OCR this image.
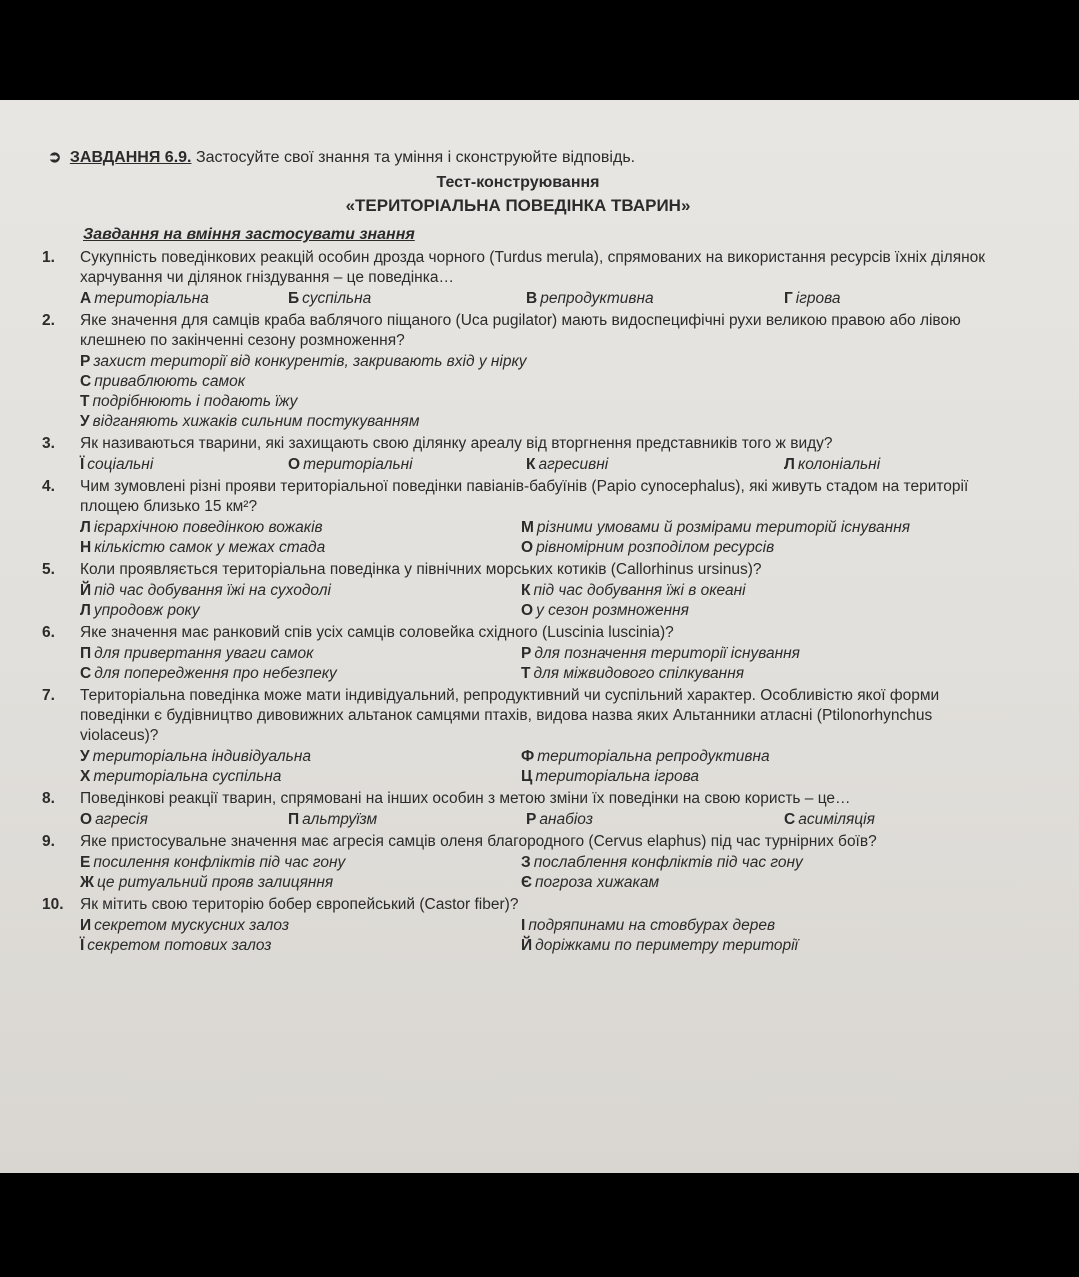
➲ ЗАВДАННЯ 6.9. Застосуйте свої знання та уміння і сконструюйте відповідь.
Тест-конструювання
«ТЕРИТОРІАЛЬНА ПОВЕДІНКА ТВАРИН»
Завдання на вміння застосувати знання
1. Сукупність поведінкових реакцій особин дрозда чорного (Turdus merula), спрямованих на використання ресурсів їхніх ділянок харчування чи ділянок гніздування – це поведінка…
А територіальна	Б суспільна	В репродуктивна	Г ігрова
2. Яке значення для самців краба ваблячого піщаного (Uca pugilator) мають видоспецифічні рухи великою правою або лівою клешнею по закінченні сезону розмноження?
Р захист території від конкурентів, закривають вхід у нірку
С приваблюють самок
Т подрібнюють і подають їжу
У відганяють хижаків сильним постукуванням
3. Як називаються тварини, які захищають свою ділянку ареалу від вторгнення представників того ж виду?
Ї соціальні	О територіальні	К агресивні	Л колоніальні
4. Чим зумовлені різні прояви територіальної поведінки павіанів-бабуїнів (Papio cynocephalus), які живуть стадом на території площею близько 15 км²?
Л ієрархічною поведінкою вожаків	М різними умовами й розмірами територій існування
Н кількістю самок у межах стада	О рівномірним розподілом ресурсів
5. Коли проявляється територіальна поведінка у північних морських котиків (Callorhinus ursinus)?
Й під час добування їжі на суходолі	К під час добування їжі в океані
Л упродовж року	О у сезон розмноження
6. Яке значення має ранковий спів усіх самців соловейка східного (Luscinia luscinia)?
П для привертання уваги самок	Р для позначення території існування
С для попередження про небезпеку	Т для міжвидового спілкування
7. Територіальна поведінка може мати індивідуальний, репродуктивний чи суспільний характер. Особливістю якої форми поведінки є будівництво дивовижних альтанок самцями птахів, видова назва яких Альтанники атласні (Ptilonorhynchus violaceus)?
У територіальна індивідуальна	Ф територіальна репродуктивна
Х територіальна суспільна	Ц територіальна ігрова
8. Поведінкові реакції тварин, спрямовані на інших особин з метою зміни їх поведінки на свою користь – це…
О агресія	П альтруїзм	Р анабіоз	С асиміляція
9. Яке пристосувальне значення має агресія самців оленя благородного (Cervus elaphus) під час турнірних боїв?
Е посилення конфліктів під час гону	З послаблення конфліктів під час гону
Ж це ритуальний прояв залицяння	Є погроза хижакам
10. Як мітить свою територію бобер європейський (Castor fiber)?
И секретом мускусних залоз	І подряпинами на стовбурах дерев
Ї секретом потових залоз	Й доріжками по периметру території
